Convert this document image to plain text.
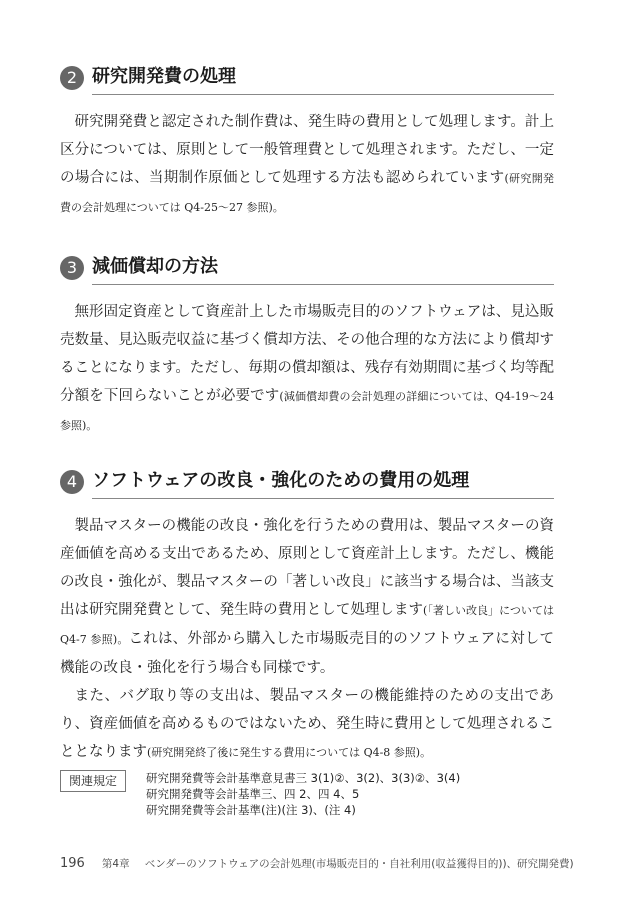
2 研究開発費の処理

研究開発費と認定された制作費は、発生時の費用として処理します。計上区分については、原則として一般管理費として処理されます。ただし、一定の場合には、当期制作原価として処理する方法も認められています(研究開発費の会計処理については Q4-25〜27 参照)。

3 減価償却の方法

無形固定資産として資産計上した市場販売目的のソフトウェアは、見込販売数量、見込販売収益に基づく償却方法、その他合理的な方法により償却することになります。ただし、毎期の償却額は、残存有効期間に基づく均等配分額を下回らないことが必要です(減価償却費の会計処理の詳細については、Q4-19〜24 参照)。

4 ソフトウェアの改良・強化のための費用の処理

製品マスターの機能の改良・強化を行うための費用は、製品マスターの資産価値を高める支出であるため、原則として資産計上します。ただし、機能の改良・強化が、製品マスターの「著しい改良」に該当する場合は、当該支出は研究開発費として、発生時の費用として処理します(「著しい改良」については Q4-7 参照)。これは、外部から購入した市場販売目的のソフトウェアに対して機能の改良・強化を行う場合も同様です。

また、バグ取り等の支出は、製品マスターの機能維持のための支出であり、資産価値を高めるものではないため、発生時に費用として処理されることとなります(研究開発終了後に発生する費用については Q4-8 参照)。

関連規定	研究開発費等会計基準意見書三 3(1)②、3(2)、3(3)②、3(4)
研究開発費等会計基準三、四 2、四 4、5
研究開発費等会計基準(注)(注 3)、(注 4)
196 第4章 ベンダーのソフトウェアの会計処理(市場販売目的・自社利用(収益獲得目的))、研究開発費)
